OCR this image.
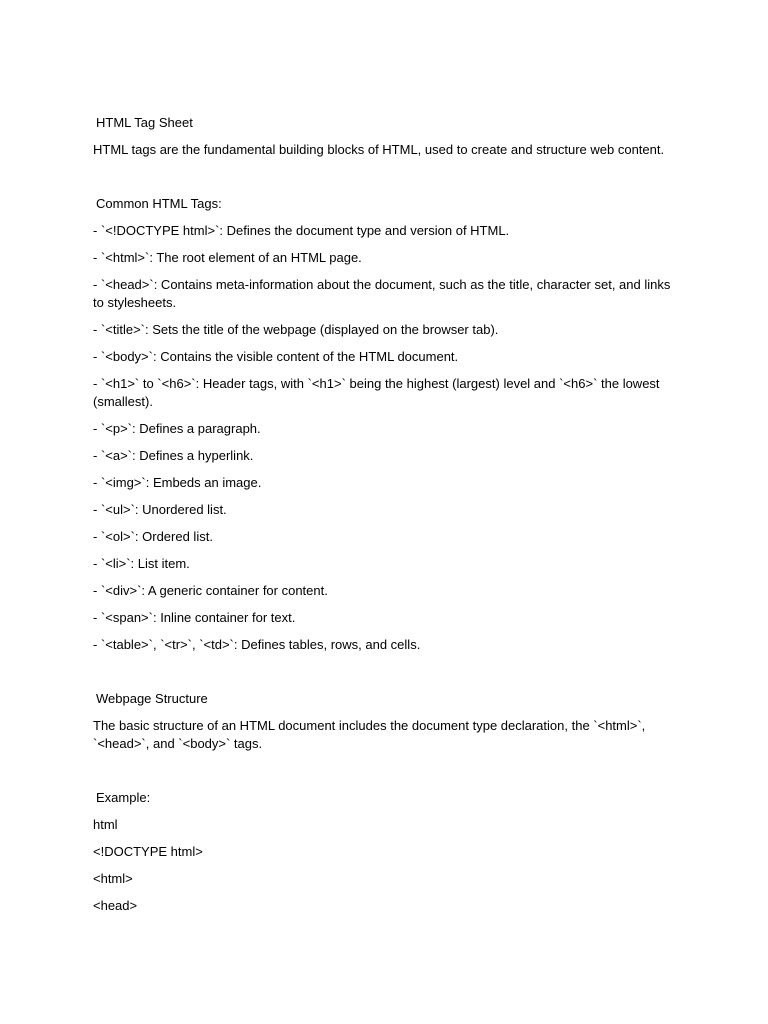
HTML Tag Sheet

HTML tags are the fundamental building blocks of HTML, used to create and structure web content.

Common HTML Tags:

- `<!DOCTYPE html>`: Defines the document type and version of HTML.
- `<html>`: The root element of an HTML page.
- `<head>`: Contains meta-information about the document, such as the title, character set, and links to stylesheets.
- `<title>`: Sets the title of the webpage (displayed on the browser tab).
- `<body>`: Contains the visible content of the HTML document.
- `<h1>` to `<h6>`: Header tags, with `<h1>` being the highest (largest) level and `<h6>` the lowest (smallest).
- `<p>`: Defines a paragraph.
- `<a>`: Defines a hyperlink.
- `<img>`: Embeds an image.
- `<ul>`: Unordered list.
- `<ol>`: Ordered list.
- `<li>`: List item.
- `<div>`: A generic container for content.
- `<span>`: Inline container for text.
- `<table>`, `<tr>`, `<td>`: Defines tables, rows, and cells.

Webpage Structure

The basic structure of an HTML document includes the document type declaration, the `<html>`, `<head>`, and `<body>` tags.

Example:

html

<!DOCTYPE html>

<html>

<head>
